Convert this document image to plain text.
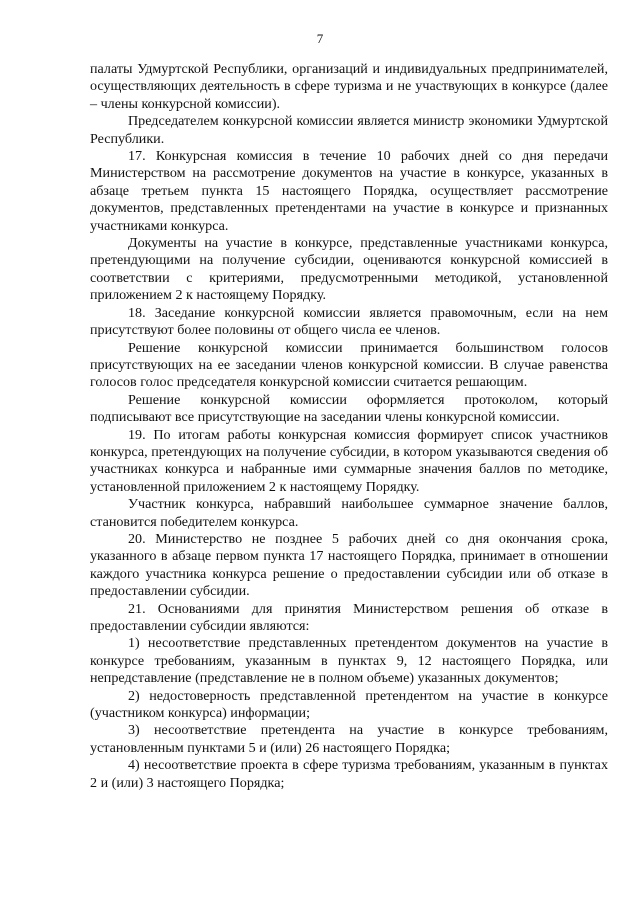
7

палаты Удмуртской Республики, организаций и индивидуальных предпринимателей, осуществляющих деятельность в сфере туризма и не участвующих в конкурсе (далее – члены конкурсной комиссии).

Председателем конкурсной комиссии является министр экономики Удмуртской Республики.

17. Конкурсная комиссия в течение 10 рабочих дней со дня передачи Министерством на рассмотрение документов на участие в конкурсе, указанных в абзаце третьем пункта 15 настоящего Порядка, осуществляет рассмотрение документов, представленных претендентами на участие в конкурсе и признанных участниками конкурса.

Документы на участие в конкурсе, представленные участниками конкурса, претендующими на получение субсидии, оцениваются конкурсной комиссией в соответствии с критериями, предусмотренными методикой, установленной приложением 2 к настоящему Порядку.

18. Заседание конкурсной комиссии является правомочным, если на нем присутствуют более половины от общего числа ее членов.

Решение конкурсной комиссии принимается большинством голосов присутствующих на ее заседании членов конкурсной комиссии. В случае равенства голосов голос председателя конкурсной комиссии считается решающим.

Решение конкурсной комиссии оформляется протоколом, который подписывают все присутствующие на заседании члены конкурсной комиссии.

19. По итогам работы конкурсная комиссия формирует список участников конкурса, претендующих на получение субсидии, в котором указываются сведения об участниках конкурса и набранные ими суммарные значения баллов по методике, установленной приложением 2 к настоящему Порядку.

Участник конкурса, набравший наибольшее суммарное значение баллов, становится победителем конкурса.

20. Министерство не позднее 5 рабочих дней со дня окончания срока, указанного в абзаце первом пункта 17 настоящего Порядка, принимает в отношении каждого участника конкурса решение о предоставлении субсидии или об отказе в предоставлении субсидии.

21. Основаниями для принятия Министерством решения об отказе в предоставлении субсидии являются:

1) несоответствие представленных претендентом документов на участие в конкурсе требованиям, указанным в пунктах 9, 12 настоящего Порядка, или непредставление (представление не в полном объеме) указанных документов;

2) недостоверность представленной претендентом на участие в конкурсе (участником конкурса) информации;

3) несоответствие претендента на участие в конкурсе требованиям, установленным пунктами 5 и (или) 26 настоящего Порядка;

4) несоответствие проекта в сфере туризма требованиям, указанным в пунктах 2 и (или) 3 настоящего Порядка;
